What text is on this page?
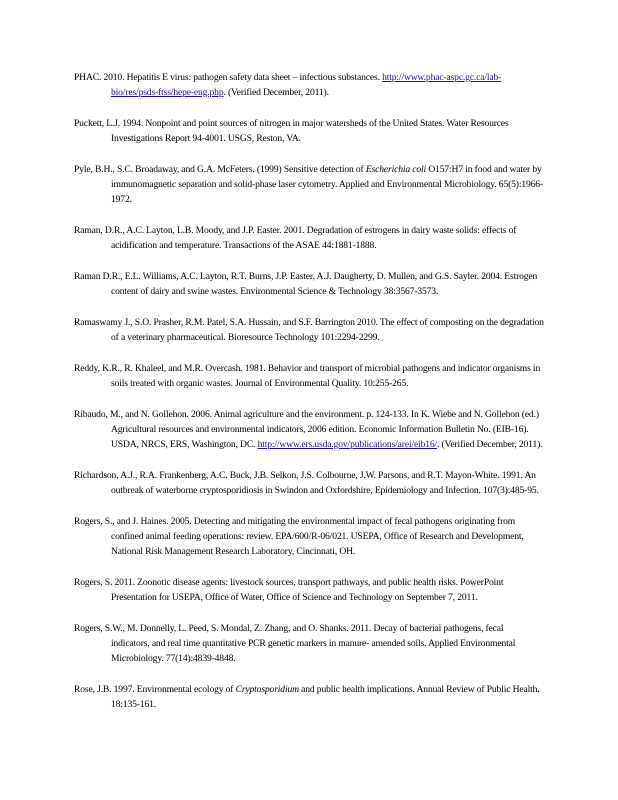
PHAC. 2010. Hepatitis E virus: pathogen safety data sheet – infectious substances. http://www.phac-aspc.gc.ca/lab-bio/res/psds-ftss/hepe-eng.php. (Verified December, 2011).

Puckett, L.J. 1994. Nonpoint and point sources of nitrogen in major watersheds of the United States. Water Resources Investigations Report 94-4001. USGS, Reston, VA.

Pyle, B.H., S.C. Broadaway, and G.A. McFeters. (1999) Sensitive detection of Escherichia coli O157:H7 in food and water by immunomagnetic separation and solid-phase laser cytometry. Applied and Environmental Microbiology. 65(5):1966-1972.

Raman, D.R., A.C. Layton, L.B. Moody, and J.P. Easter. 2001. Degradation of estrogens in dairy waste solids: effects of acidification and temperature. Transactions of the ASAE 44:1881-1888.

Raman D.R., E.L. Williams, A.C. Layton, R.T. Burns, J.P. Easter, A.J. Daugherty, D. Mullen, and G.S. Sayler. 2004. Estrogen content of dairy and swine wastes. Environmental Science & Technology 38:3567-3573.

Ramaswamy J., S.O. Prasher, R.M. Patel, S.A. Hussain, and S.F. Barrington 2010. The effect of composting on the degradation of a veterinary pharmaceutical. Bioresource Technology 101:2294-2299.

Reddy, K.R., R. Khaleel, and M.R. Overcash. 1981. Behavior and transport of microbial pathogens and indicator organisms in soils treated with organic wastes. Journal of Environmental Quality. 10:255-265.

Ribaudo, M., and N. Gollehon. 2006. Animal agriculture and the environment. p. 124-133. In K. Wiebe and N. Gollehon (ed.) Agricultural resources and environmental indicators, 2006 edition. Economic Information Bulletin No. (EIB-16). USDA, NRCS, ERS, Washington, DC. http://www.ers.usda.gov/publications/arei/eib16/. (Verified December, 2011).

Richardson, A.J., R.A. Frankenberg, A.C. Buck, J.B. Selkon, J.S. Colbourne, J.W. Parsons, and R.T. Mayon-White. 1991. An outbreak of waterborne cryptosporidiosis in Swindon and Oxfordshire, Epidemiology and Infection. 107(3):485-95.

Rogers, S., and J. Haines. 2005. Detecting and mitigating the environmental impact of fecal pathogens originating from confined animal feeding operations: review. EPA/600/R-06/021. USEPA, Office of Research and Development, National Risk Management Research Laboratory, Cincinnati, OH.

Rogers, S. 2011. Zoonotic disease agents: livestock sources, transport pathways, and public health risks. PowerPoint Presentation for USEPA, Office of Water, Office of Science and Technology on September 7, 2011.

Rogers, S.W., M. Donnelly, L. Peed, S. Mondal, Z. Zhang, and O. Shanks. 2011. Decay of bacterial pathogens, fecal indicators, and real time quantitative PCR genetic markers in manure- amended soils. Applied Environmental Microbiology. 77(14):4839-4848.

Rose, J.B. 1997. Environmental ecology of Cryptosporidium and public health implications. Annual Review of Public Health. 18:135-161.
